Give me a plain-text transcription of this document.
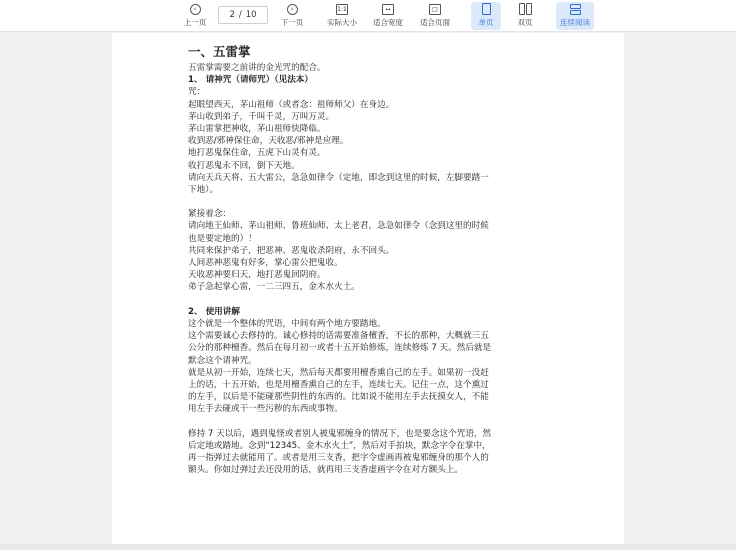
‹
上一页
2 / 10
›
下一页
1:1
实际大小
↔
适合宽度
□
适合页面	单页	双页	连续阅读
一、五雷掌
五雷掌需要之前讲的金光咒的配合。
1、 请神咒（请师咒）（见法本）
咒：
起眼望西天，茅山祖师（或者念：祖师师父）在身边。
茅山收到弟子，千叫千灵，万叫万灵。
茅山雷掌把神收，茅山祖师快降临。
收到恶/邪神保住命，天收恶/邪神是应理。
地打恶鬼保住命，五虎下山灵有灵。
收打恶鬼永不回，倒下天地。
请向天兵天将、五大雷公，急急如律令（定地，即念到这里的时候，左脚要踏一
下地）。
紧接着念：
请向地王仙师、茅山祖师、鲁班仙师、太上老君，急急如律令（念到这里的时候
也是要定地的）！
共同来保护弟子，把恶神、恶鬼收杀阴府，永不回头。
人间恶神恶鬼有好多，掌心雷公把鬼收。
天收恶神要归天，地打恶鬼回阴府。
弟子急起掌心雷，一二三四五，金木水火土。
2、 使用讲解
这个就是一个整体的咒语，中间有两个地方要踏地。
这个需要诚心去修持的。诚心修持的话需要准备檀香，不长的那种，大概就三五
公分的那种檀香。然后在每月初一或者十五开始修炼，连续修炼 7 天。然后就是
默念这个请神咒。
就是从初一开始，连续七天，然后每天都要用檀香熏自己的左手。如果初一没赶
上的话，十五开始，也是用檀香熏自己的左手，连续七天。记住一点，这个熏过
的左手，以后是不能碰那些阴性的东西的。比如说不能用左手去抚摸女人，不能
用左手去碰或干一些污秽的东西或事物。
修持 7 天以后，遇到鬼怪或者别人被鬼邪缠身的情况下，也是要念这个咒语，然
后定地或踏地。念到“12345、金木水火土”，然后对手拍块，默念字令在掌中，
再一指弹过去就能用了。或者是用三支香，把字令虚画再被鬼邪缠身的那个人的
额头。你如过弹过去还没用的话，就再用三支香虚画字令在对方额头上。
